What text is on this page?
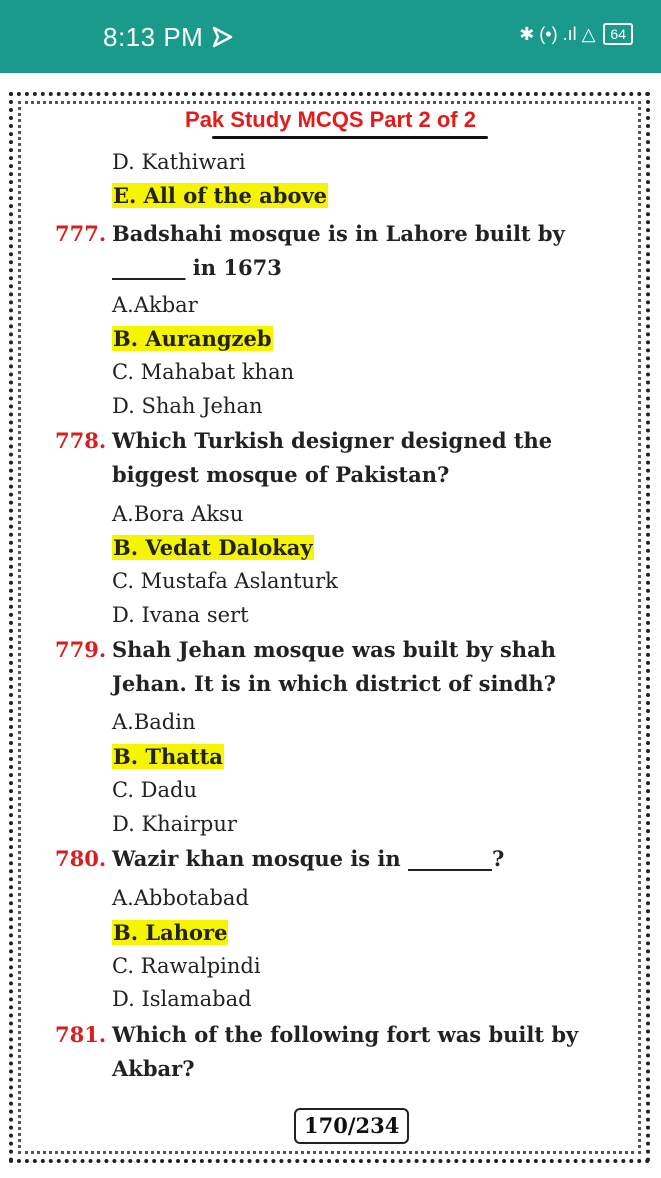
8:13 PM	✱ (•) .ıl △	64
Pak Study MCQS Part 2 of 2
D. Kathiwari
E. All of the above
777. Badshahi mosque is in Lahore built by _______ in 1673
A.Akbar
B. Aurangzeb
C. Mahabat khan
D. Shah Jehan
778. Which Turkish designer designed the biggest mosque of Pakistan?
A.Bora Aksu
B. Vedat Dalokay
C. Mustafa Aslanturk
D. Ivana sert
779. Shah Jehan mosque was built by shah Jehan. It is in which district of sindh?
A.Badin
B. Thatta
C. Dadu
D. Khairpur
780. Wazir khan mosque is in ________?
A.Abbotabad
B. Lahore
C. Rawalpindi
D. Islamabad
781. Which of the following fort was built by Akbar?
170/234
